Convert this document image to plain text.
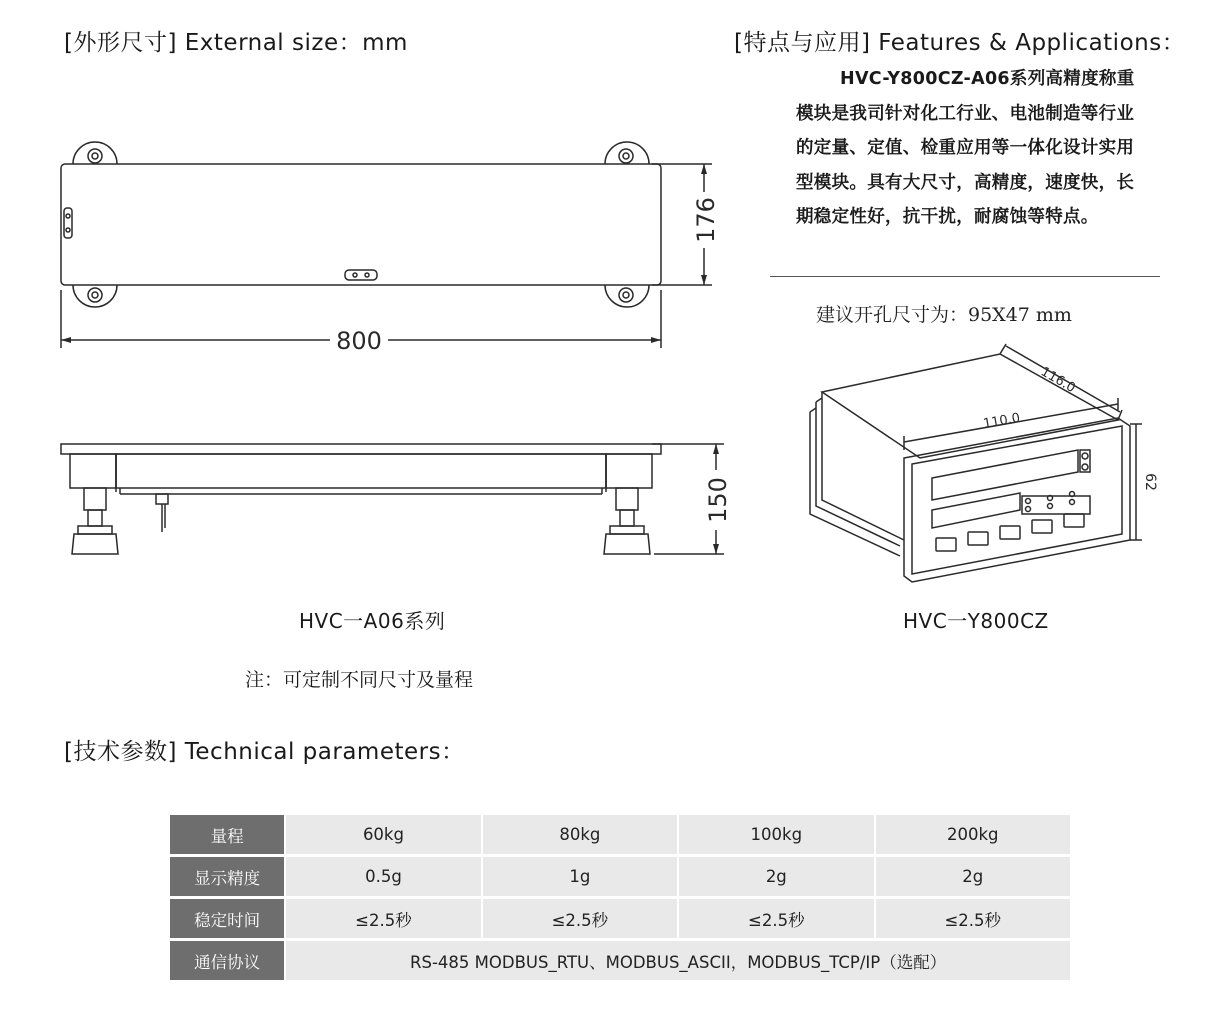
[外形尺寸] External size：mm	[特点与应用] Features & Applications：
[技术参数] Technical parameters：
HVC-Y800CZ-A06系列高精度称重模块是我司针对化工行业、电池制造等行业的定量、定值、检重应用等一体化设计实用型模块。具有大尺寸，高精度，速度快，长期稳定性好，抗干扰，耐腐蚀等特点。
建议开孔尺寸为：95X47 mm
800
176
150
116.0
110.0
62
HVC一A06系列	HVC一Y800CZ
注：可定制不同尺寸及量程
量程	60kg	80kg	100kg	200kg
显示精度	0.5g	1g	2g	2g
稳定时间	≤2.5秒	≤2.5秒	≤2.5秒	≤2.5秒
通信协议	RS-485 MODBUS_RTU、MODBUS_ASCII，MODBUS_TCP/IP（选配）			
